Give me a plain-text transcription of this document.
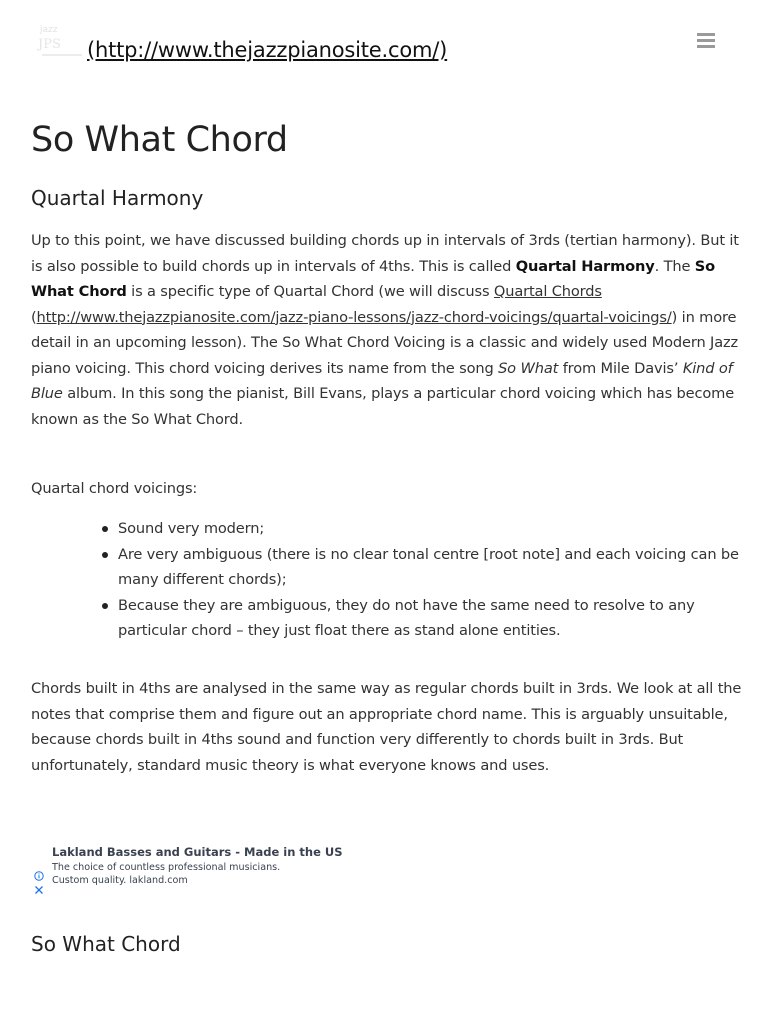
jazz
JPS (http://www.thejazzpianosite.com/)
So What Chord
Quartal Harmony

Up to this point, we have discussed building chords up in intervals of 3rds (tertian harmony). But it is also possible to build chords up in intervals of 4ths. This is called Quartal Harmony. The So What Chord is a specific type of Quartal Chord (we will discuss Quartal Chords (http://www.thejazzpianosite.com/jazz-piano-lessons/jazz-chord-voicings/quartal-voicings/) in more detail in an upcoming lesson). The So What Chord Voicing is a classic and widely used Modern Jazz piano voicing. This chord voicing derives its name from the song So What from Mile Davis’ Kind of Blue album. In this song the pianist, Bill Evans, plays a particular chord voicing which has become known as the So What Chord.

Quartal chord voicings:

Sound very modern;
Are very ambiguous (there is no clear tonal centre [root note] and each voicing can be many different chords);
Because they are ambiguous, they do not have the same need to resolve to any particular chord – they just float there as stand alone entities.

Chords built in 4ths are analysed in the same way as regular chords built in 3rds. We look at all the notes that comprise them and figure out an appropriate chord name. This is arguably unsuitable, because chords built in 4ths sound and function very differently to chords built in 3rds. But unfortunately, standard music theory is what everyone knows and uses.

So What Chord
Lakland Basses and Guitars - Made in the US
The choice of countless professional musicians. Custom quality. lakland.com
